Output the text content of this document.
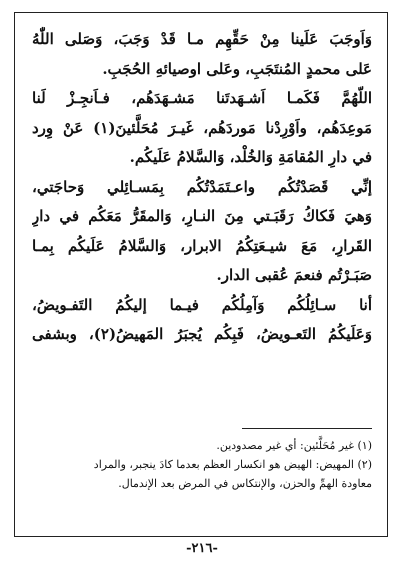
وَاَوجَبَ عَلَينا مِنْ حَقِّهِم مـا قَدْ وَجَبَ، وَصَلى اللّٰهُ
عَلى محمدٍ المُنتَجَبِ، وعَلى اوصيائهِ الحُجَبِ.
اللّهُمَّ فَكَمـا اَشـهَدتَنا مَشـهَدَهُم، فـاَنجِـزْ لَنا
مَوعِدَهُم، واَوْرِدْنا مَوردَهُم، غَيـرَ مُحَلَّئينَ(١) عَنْ وِرد
في دارِ المُقامَةِ وَالخُلْد، وَالسَّلامُ عَلَيكُم.
إنِّي قَصَدْتُكُم واعـتَمَدْتُكُم بِمَسـائِلي وَحاجَتي،
وَهيَ فَكاكُ رَقَبَـتي مِنَ النـارِ، وَالمقَرُّ مَعَكُم في دارِ
القَرارِ، مَعَ شيـعَتِكُمُ الابرار، وَالسَّلامُ عَلَيكُم بِمـا
صَبَـرْتُم فنعمَ عُقبى الدار.
أنا سـائِلُكُم وَآمِلُكُم فيـما إليكُمُ التَفـويضُ،
وَعَلَيكُمُ التَعـويضُ، فَبِكُم يُجبَرُ المَهيضُ(٢)، وبشفى
(١) غير مُحَلَّئين: أي غير مصدودين.
(٢) المهيض: الهيض هو انكسار العظم بعدما كادَ ينجبر، والمراد
معاودة الهمِّ والحزن، والإنتكاس في المرض بعد الإندمال.
-٢١٦-
